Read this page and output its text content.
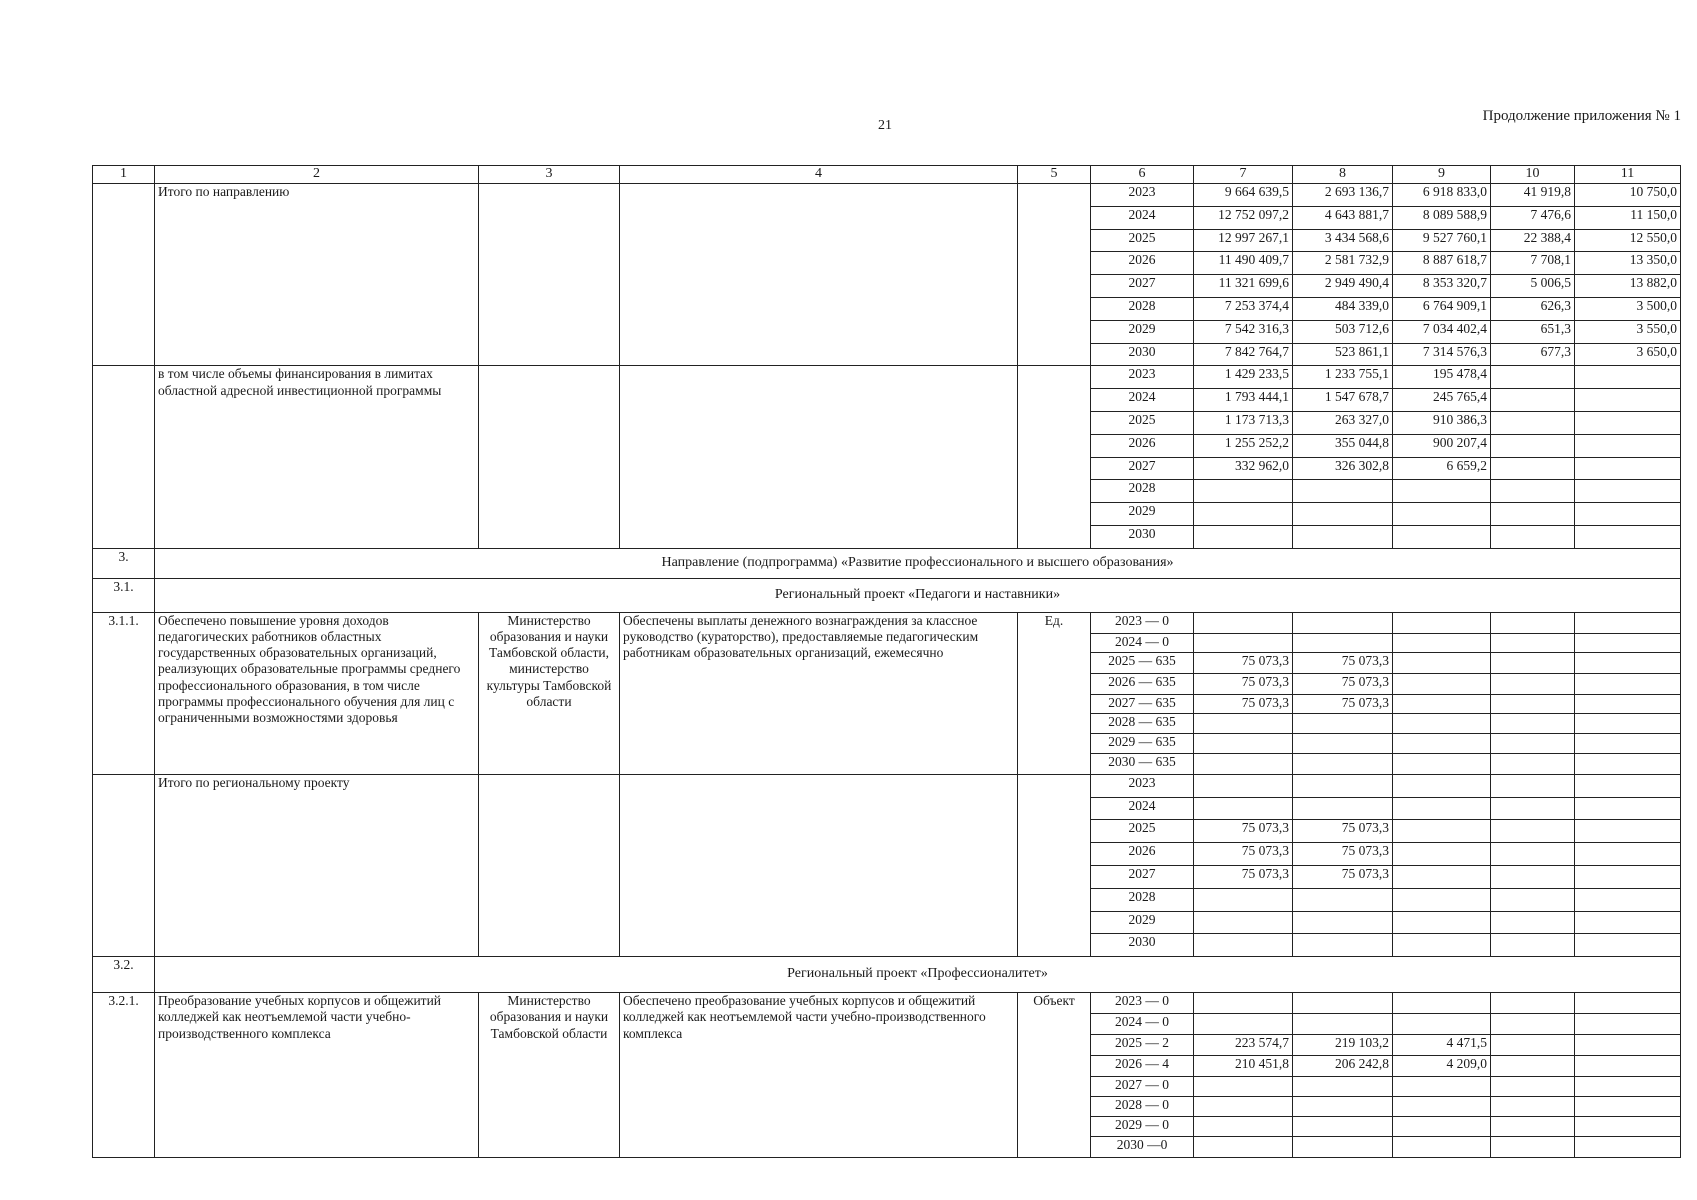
21
Продолжение приложения № 1
1	2	3	4	5	6	7	8	9	10	11
	Итого по направлению				2023	9 664 639,5	2 693 136,7	6 918 833,0	41 919,8	10 750,0
					2024	12 752 097,2	4 643 881,7	8 089 588,9	7 476,6	11 150,0
					2025	12 997 267,1	3 434 568,6	9 527 760,1	22 388,4	12 550,0
					2026	11 490 409,7	2 581 732,9	8 887 618,7	7 708,1	13 350,0
					2027	11 321 699,6	2 949 490,4	8 353 320,7	5 006,5	13 882,0
					2028	7 253 374,4	484 339,0	6 764 909,1	626,3	3 500,0
					2029	7 542 316,3	503 712,6	7 034 402,4	651,3	3 550,0
					2030	7 842 764,7	523 861,1	7 314 576,3	677,3	3 650,0
	в том числе объемы финансирования в лимитах областной адресной инвестиционной программы				2023	1 429 233,5	1 233 755,1	195 478,4		
					2024	1 793 444,1	1 547 678,7	245 765,4		
					2025	1 173 713,3	263 327,0	910 386,3		
					2026	1 255 252,2	355 044,8	900 207,4		
					2027	332 962,0	326 302,8	6 659,2		
					2028					
					2029					
					2030					
3.	Направление (подпрограмма) «Развитие профессионального и высшего образования»									
3.1.	Региональный проект «Педагоги и наставники»									
3.1.1.	Обеспечено повышение уровня доходов педагогических работников областных государственных образовательных организаций, реализующих образовательные программы среднего профессионального образования, в том числе программы профессионального обучения для лиц с ограниченными возможностями здоровья	Министерство образования и науки Тамбовской области, министерство культуры Тамбовской области	Обеспечены выплаты денежного вознаграждения за классное руководство (кураторство), предоставляемые педагогическим работникам образовательных организаций, ежемесячно	Ед.	2023 — 0					
					2024 — 0					
					2025 — 635	75 073,3	75 073,3			
					2026 — 635	75 073,3	75 073,3			
					2027 — 635	75 073,3	75 073,3			
					2028 — 635					
					2029 — 635					
					2030 — 635					
	Итого по региональному проекту				2023					
					2024					
					2025	75 073,3	75 073,3			
					2026	75 073,3	75 073,3			
					2027	75 073,3	75 073,3			
					2028					
					2029					
					2030					
3.2.	Региональный проект «Профессионалитет»									
3.2.1.	Преобразование учебных корпусов и общежитий колледжей как неотъемлемой части учебно-производственного комплекса	Министерство образования и науки Тамбовской области	Обеспечено преобразование учебных корпусов и общежитий колледжей как неотъемлемой части учебно-производственного комплекса	Объект	2023 — 0					
					2024 — 0					
					2025 — 2	223 574,7	219 103,2	4 471,5		
					2026 — 4	210 451,8	206 242,8	4 209,0		
					2027 — 0					
					2028 — 0					
					2029 — 0					
					2030 —0					
